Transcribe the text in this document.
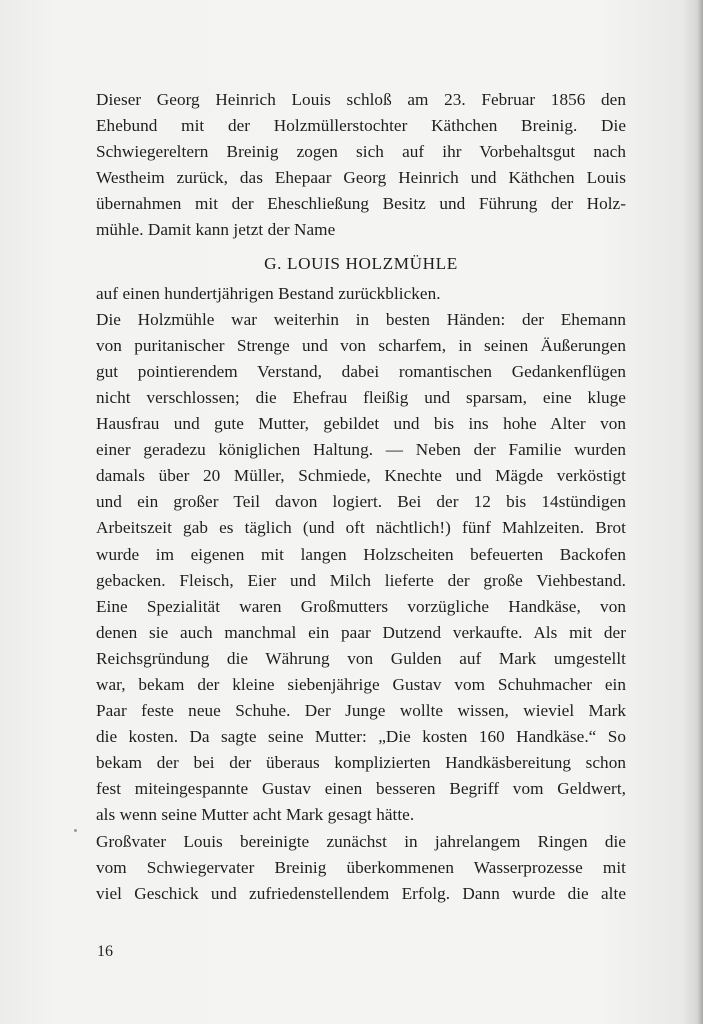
Dieser Georg Heinrich Louis schloß am 23. Februar 1856 den
Ehebund mit der Holzmüllerstochter Käthchen Breinig. Die
Schwiegereltern Breinig zogen sich auf ihr Vorbehaltsgut nach
Westheim zurück, das Ehepaar Georg Heinrich und Käthchen Louis
übernahmen mit der Eheschließung Besitz und Führung der Holz-
mühle. Damit kann jetzt der Name
G. LOUIS HOLZMÜHLE
auf einen hundertjährigen Bestand zurückblicken.
Die Holzmühle war weiterhin in besten Händen: der Ehemann
von puritanischer Strenge und von scharfem, in seinen Äußerungen
gut pointierendem Verstand, dabei romantischen Gedankenflügen
nicht verschlossen; die Ehefrau fleißig und sparsam, eine kluge
Hausfrau und gute Mutter, gebildet und bis ins hohe Alter von
einer geradezu königlichen Haltung. — Neben der Familie wurden
damals über 20 Müller, Schmiede, Knechte und Mägde verköstigt
und ein großer Teil davon logiert. Bei der 12 bis 14stündigen
Arbeitszeit gab es täglich (und oft nächtlich!) fünf Mahlzeiten. Brot
wurde im eigenen mit langen Holzscheiten befeuerten Backofen
gebacken. Fleisch, Eier und Milch lieferte der große Viehbestand.
Eine Spezialität waren Großmutters vorzügliche Handkäse, von
denen sie auch manchmal ein paar Dutzend verkaufte. Als mit der
Reichsgründung die Währung von Gulden auf Mark umgestellt
war, bekam der kleine siebenjährige Gustav vom Schuhmacher ein
Paar feste neue Schuhe. Der Junge wollte wissen, wieviel Mark
die kosten. Da sagte seine Mutter: „Die kosten 160 Handkäse.“ So
bekam der bei der überaus komplizierten Handkäsbereitung schon
fest miteingespannte Gustav einen besseren Begriff vom Geldwert,
als wenn seine Mutter acht Mark gesagt hätte.
Großvater Louis bereinigte zunächst in jahrelangem Ringen die
vom Schwiegervater Breinig überkommenen Wasserprozesse mit
viel Geschick und zufriedenstellendem Erfolg. Dann wurde die alte
16
